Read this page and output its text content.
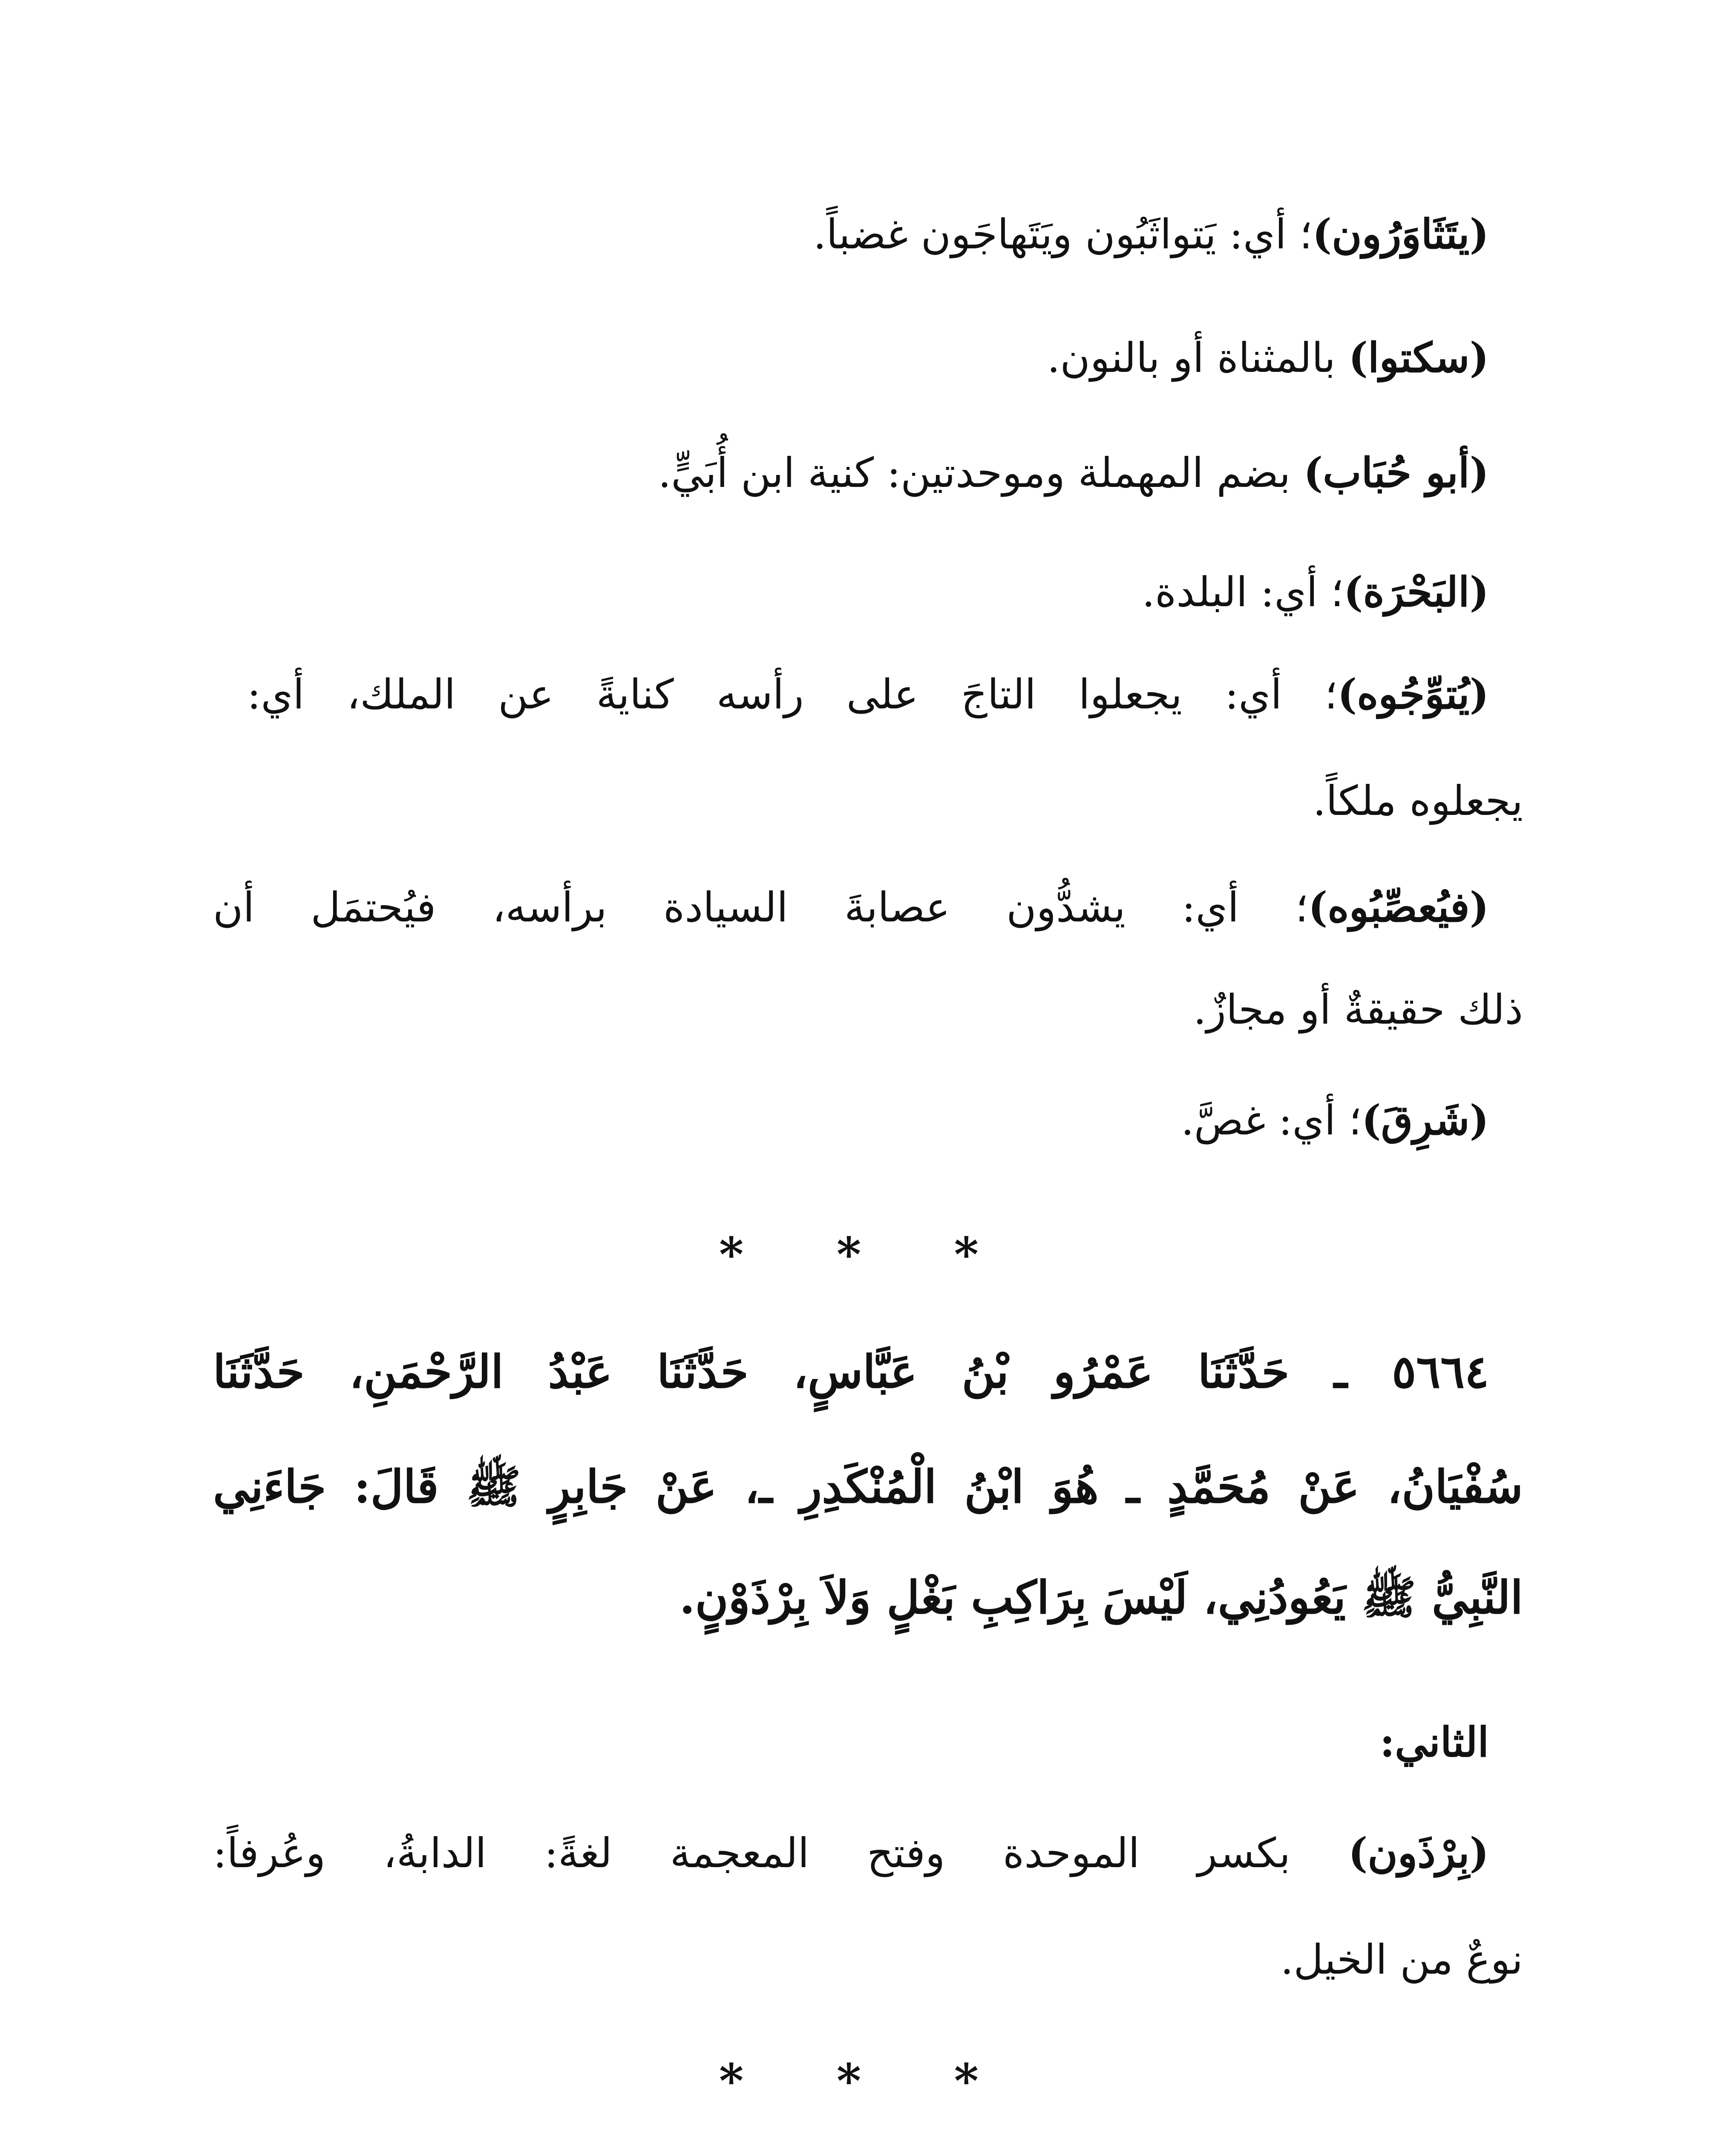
(يتَثَاوَرُون)؛ أي: يَتواثَبُون ويَتَهاجَون غضباً.
(سكتوا) بالمثناة أو بالنون.
(أبو حُبَاب) بضم المهملة وموحدتين: كنية ابن أُبَيٍّ.
(البَحْرَة)؛ أي: البلدة.
(يُتوِّجُوه)؛ أي: يجعلوا التاجَ على رأسه كنايةً عن الملك، أي:
يجعلوه ملكاً.
(فيُعصِّبُوه)؛ أي: يشدُّون عصابةَ السيادة برأسه، فيُحتمَل أن
ذلك حقيقةٌ أو مجازٌ.
(شَرِقَ)؛ أي: غصَّ.
* * *
٥٦٦٤ ـ حَدَّثَنَا عَمْرُو بْنُ عَبَّاسٍ، حَدَّثَنَا عَبْدُ الرَّحْمَنِ، حَدَّثَنَا
سُفْيَانُ، عَنْ مُحَمَّدٍ ـ هُوَ ابْنُ الْمُنْكَدِرِ ـ، عَنْ جَابِرٍ ﷺ قَالَ: جَاءَنِي
النَّبِيُّ ﷺ يَعُودُنِي، لَيْسَ بِرَاكِبِ بَغْلٍ وَلاَ بِرْذَوْنٍ.
الثاني:
(بِرْذَون) بكسر الموحدة وفتح المعجمة لغةً: الدابةُ، وعُرفاً:
نوعٌ من الخيل.
* * *
